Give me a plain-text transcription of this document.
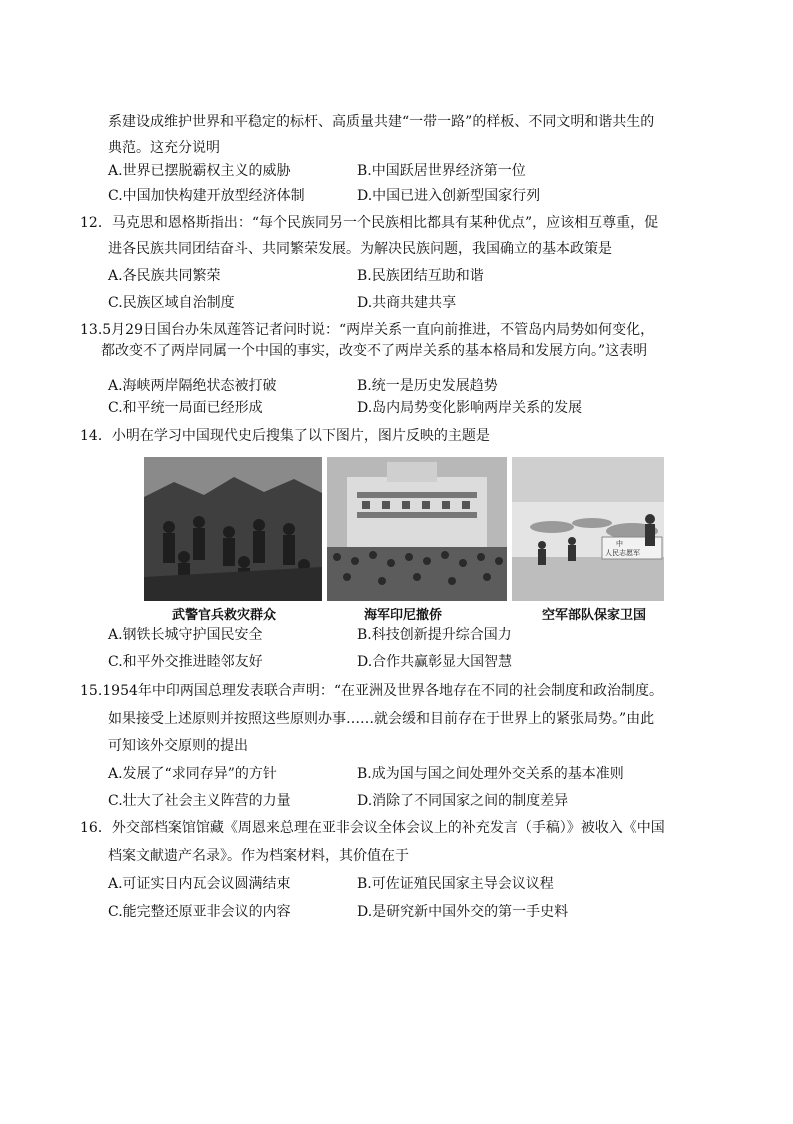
系建设成维护世界和平稳定的标杆、高质量共建“一带一路”的样板、不同文明和谐共生的
典范。这充分说明
A.世界已摆脱霸权主义的威胁	B.中国跃居世界经济第一位
C.中国加快构建开放型经济体制	D.中国已进入创新型国家行列
12．马克思和恩格斯指出：“每个民族同另一个民族相比都具有某种优点”，应该相互尊重，促
进各民族共同团结奋斗、共同繁荣发展。为解决民族问题，我国确立的基本政策是
A.各民族共同繁荣	B.民族团结互助和谐
C.民族区域自治制度	D.共商共建共享
13.5月29日国台办朱凤莲答记者问时说：“两岸关系一直向前推进，不管岛内局势如何变化，
都改变不了两岸同属一个中国的事实，改变不了两岸关系的基本格局和发展方向。”这表明
A.海峡两岸隔绝状态被打破	B.统一是历史发展趋势
C.和平统一局面已经形成	D.岛内局势变化影响两岸关系的发展
14．小明在学习中国现代史后搜集了以下图片，图片反映的主题是
中
人民志愿军
武警官兵救灾群众	海军印尼撤侨	空军部队保家卫国
A.钢铁长城守护国民安全	B.科技创新提升综合国力
C.和平外交推进睦邻友好	D.合作共赢彰显大国智慧
15.1954年中印两国总理发表联合声明：“在亚洲及世界各地存在不同的社会制度和政治制度。
如果接受上述原则并按照这些原则办事……就会缓和目前存在于世界上的紧张局势。”由此
可知该外交原则的提出
A.发展了“求同存异”的方针	B.成为国与国之间处理外交关系的基本准则
C.壮大了社会主义阵营的力量	D.消除了不同国家之间的制度差异
16．外交部档案馆馆藏《周恩来总理在亚非会议全体会议上的补充发言（手稿）》被收入《中国
档案文献遗产名录》。作为档案材料，其价值在于
A.可证实日内瓦会议圆满结束	B.可佐证殖民国家主导会议议程
C.能完整还原亚非会议的内容	D.是研究新中国外交的第一手史料
